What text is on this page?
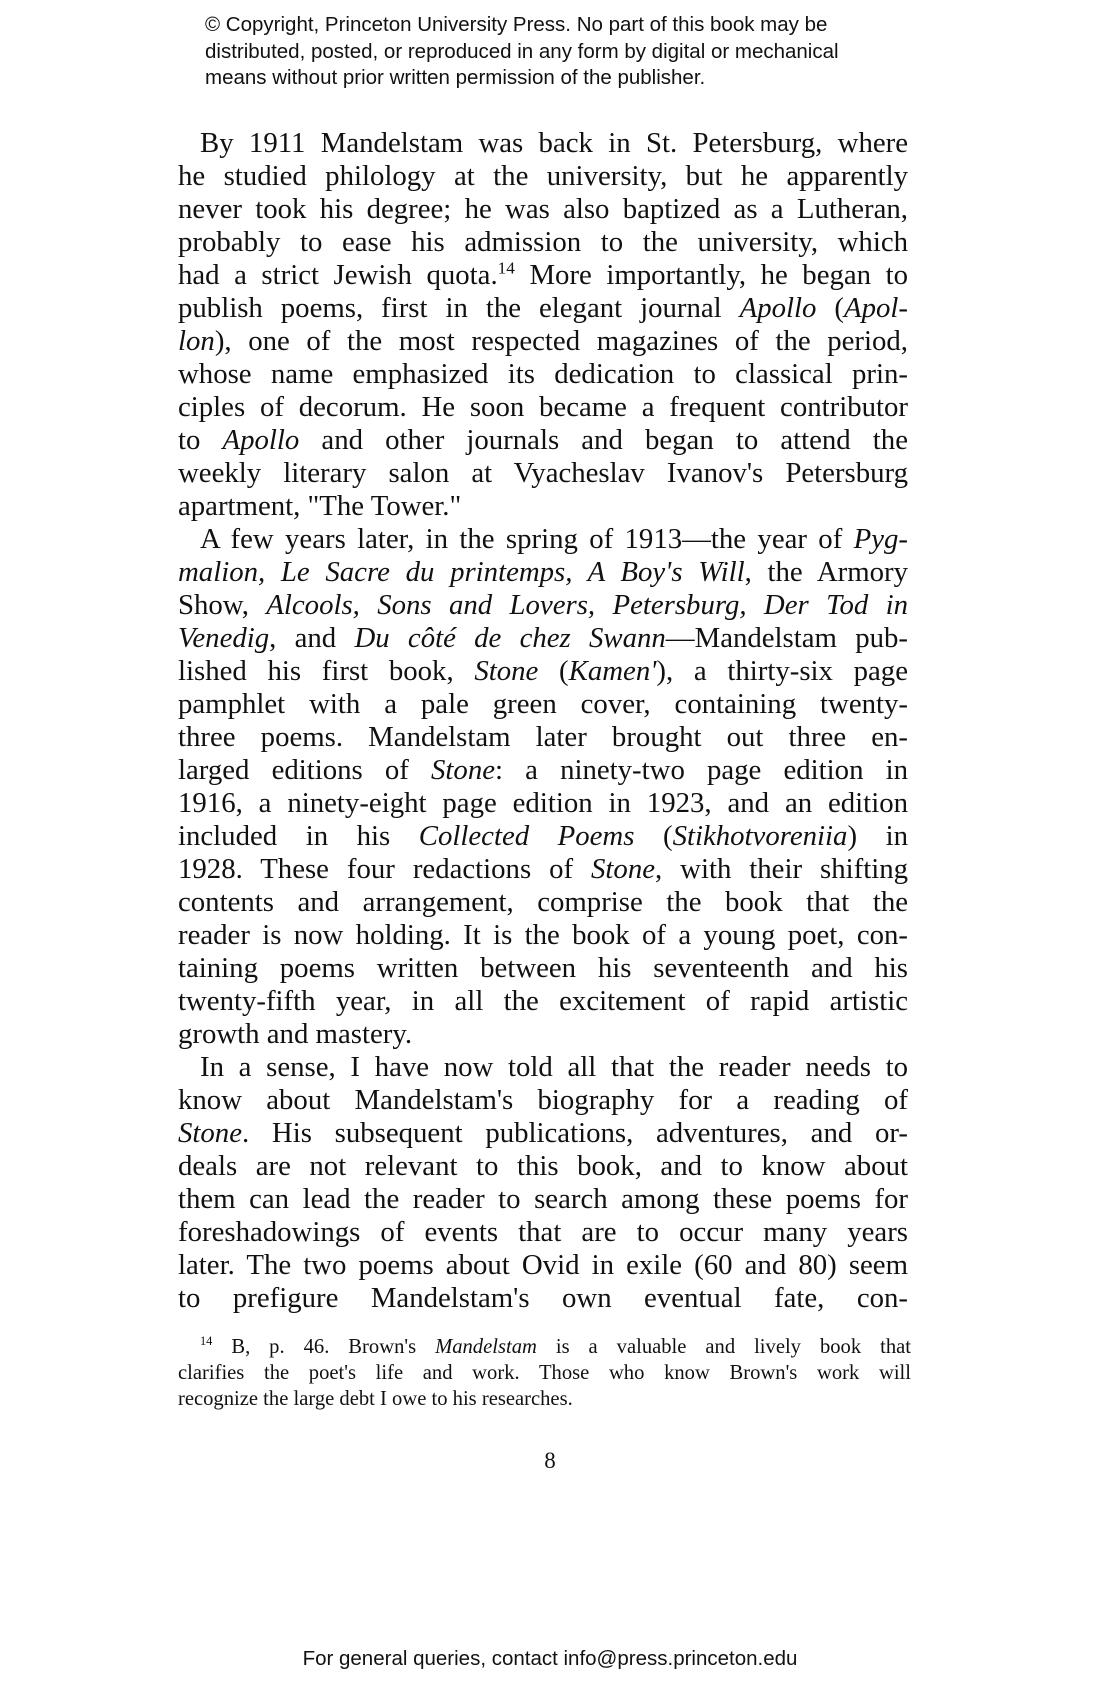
© Copyright, Princeton University Press. No part of this book may be
distributed, posted, or reproduced in any form by digital or mechanical
means without prior written permission of the publisher.
By 1911 Mandelstam was back in St. Petersburg, where
he studied philology at the university, but he apparently
never took his degree; he was also baptized as a Lutheran,
probably to ease his admission to the university, which
had a strict Jewish quota.$^{14}$ More importantly, he began to
publish poems, first in the elegant journal Apollo (Apol-
lon), one of the most respected magazines of the period,
whose name emphasized its dedication to classical prin-
ciples of decorum. He soon became a frequent contributor
to Apollo and other journals and began to attend the
weekly literary salon at Vyacheslav Ivanov's Petersburg
apartment, "The Tower."
A few years later, in the spring of 1913—the year of Pyg-
malion, Le Sacre du printemps, A Boy's Will, the Armory
Show, Alcools, Sons and Lovers, Petersburg, Der Tod in
Venedig, and Du côté de chez Swann—Mandelstam pub-
lished his first book, Stone (Kamen'), a thirty-six page
pamphlet with a pale green cover, containing twenty-
three poems. Mandelstam later brought out three en-
larged editions of Stone: a ninety-two page edition in
1916, a ninety-eight page edition in 1923, and an edition
included in his Collected Poems (Stikhotvoreniia) in
1928. These four redactions of Stone, with their shifting
contents and arrangement, comprise the book that the
reader is now holding. It is the book of a young poet, con-
taining poems written between his seventeenth and his
twenty-fifth year, in all the excitement of rapid artistic
growth and mastery.
In a sense, I have now told all that the reader needs to
know about Mandelstam's biography for a reading of
Stone. His subsequent publications, adventures, and or-
deals are not relevant to this book, and to know about
them can lead the reader to search among these poems for
foreshadowings of events that are to occur many years
later. The two poems about Ovid in exile (60 and 80) seem
to prefigure Mandelstam's own eventual fate, con-
$^{14}$ B, p. 46. Brown's Mandelstam is a valuable and lively book that
clarifies the poet's life and work. Those who know Brown's work will
recognize the large debt I owe to his researches.
8
For general queries, contact info@press.princeton.edu
